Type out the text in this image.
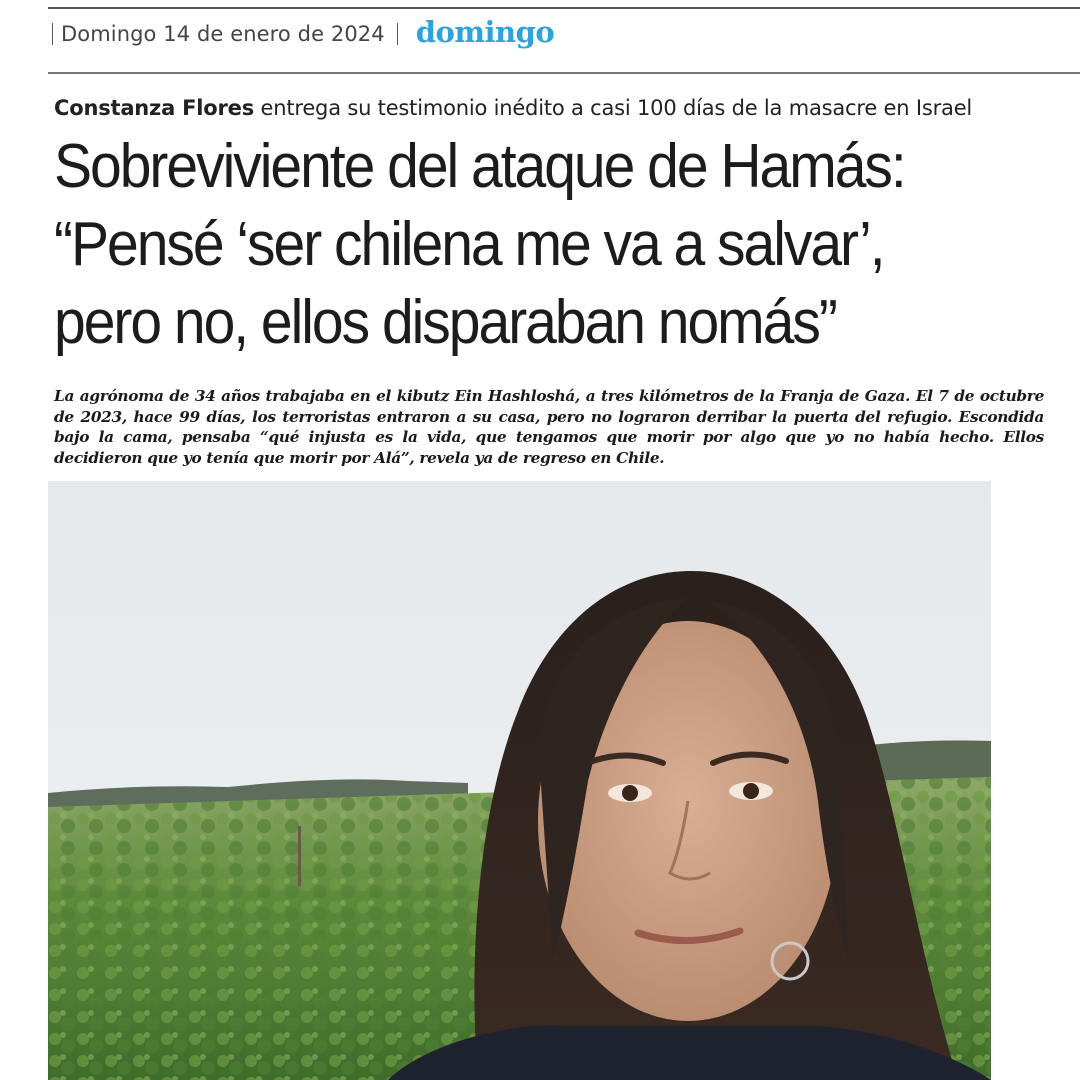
Domingo 14 de enero de 2024 domingo
Constanza Flores entrega su testimonio inédito a casi 100 días de la masacre en Israel
Sobreviviente del ataque de Hamás:
“Pensé ‘ser chilena me va a salvar’,
pero no, ellos disparaban nomás”

La agrónoma de 34 años trabajaba en el kibutz Ein Hashloshá, a tres kilómetros de la Franja de Gaza. El 7 de octubre de 2023, hace 99 días, los terroristas entraron a su casa, pero no lograron derribar la puerta del refugio. Escondida bajo la cama, pensaba “qué injusta es la vida, que tengamos que morir por algo que yo no había hecho. Ellos decidieron que yo tenía que morir por Alá”, revela ya de regreso en Chile.
